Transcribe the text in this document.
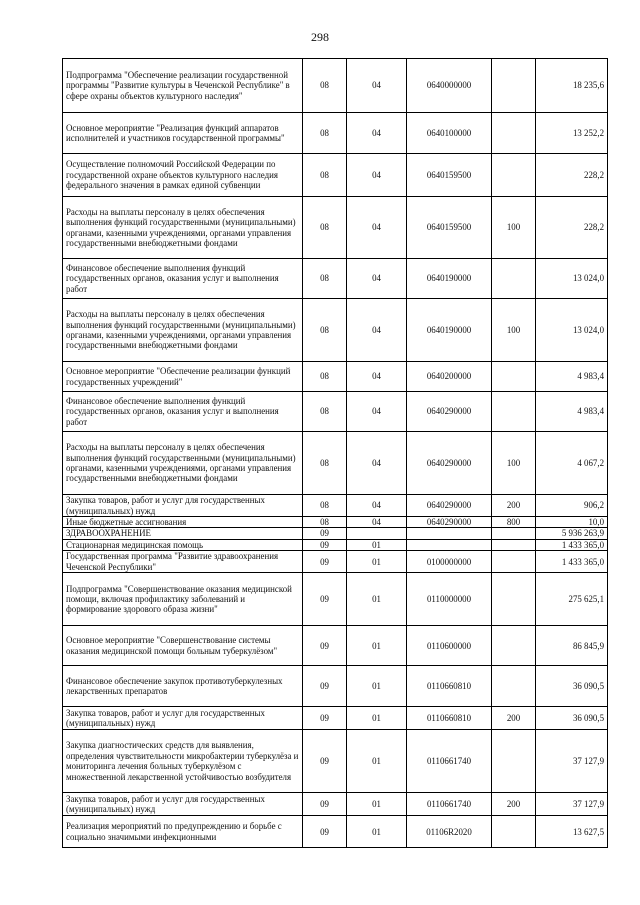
298
Подпрограмма "Обеспечение реализации государственной программы "Развитие культуры в Чеченской Республике" в сфере охраны объектов культурного наследия"	08	04	0640000000		18 235,6
Основное мероприятие "Реализация функций аппаратов исполнителей и участников государственной программы"	08	04	0640100000		13 252,2
Осуществление полномочий Российской Федерации по государственной охране объектов культурного наследия федерального значения в рамках единой субвенции	08	04	0640159500		228,2
Расходы на выплаты персоналу в целях обеспечения выполнения функций государственными (муниципальными) органами, казенными учреждениями, органами управления государственными внебюджетными фондами	08	04	0640159500	100	228,2
Финансовое обеспечение выполнения функций государственных органов, оказания услуг и выполнения работ	08	04	0640190000		13 024,0
Расходы на выплаты персоналу в целях обеспечения выполнения функций государственными (муниципальными) органами, казенными учреждениями, органами управления государственными внебюджетными фондами	08	04	0640190000	100	13 024,0
Основное мероприятие "Обеспечение реализации функций государственных учреждений"	08	04	0640200000		4 983,4
Финансовое обеспечение выполнения функций государственных органов, оказания услуг и выполнения работ	08	04	0640290000		4 983,4
Расходы на выплаты персоналу в целях обеспечения выполнения функций государственными (муниципальными) органами, казенными учреждениями, органами управления государственными внебюджетными фондами	08	04	0640290000	100	4 067,2
Закупка товаров, работ и услуг для государственных (муниципальных) нужд	08	04	0640290000	200	906,2
Иные бюджетные ассигнования	08	04	0640290000	800	10,0
ЗДРАВООХРАНЕНИЕ	09				5 936 263,9
Стационарная медицинская помощь	09	01			1 433 365,0
Государственная программа "Развитие здравоохранения Чеченской Республики"	09	01	0100000000		1 433 365,0
Подпрограмма "Совершенствование оказания медицинской помощи, включая профилактику заболеваний и формирование здорового образа жизни"	09	01	0110000000		275 625,1
Основное мероприятие "Совершенствование системы оказания медицинской помощи больным туберкулёзом"	09	01	0110600000		86 845,9
Финансовое обеспечение закупок противотуберкулезных лекарственных препаратов	09	01	0110660810		36 090,5
Закупка товаров, работ и услуг для государственных (муниципальных) нужд	09	01	0110660810	200	36 090,5
Закупка диагностических средств для выявления, определения чувствительности микробактерии туберкулёза и мониторинга лечения больных туберкулёзом с множественной лекарственной устойчивостью возбудителя	09	01	0110661740		37 127,9
Закупка товаров, работ и услуг для государственных (муниципальных) нужд	09	01	0110661740	200	37 127,9
Реализация мероприятий по предупреждению и борьбе с социально значимыми инфекционными	09	01	01106R2020		13 627,5
